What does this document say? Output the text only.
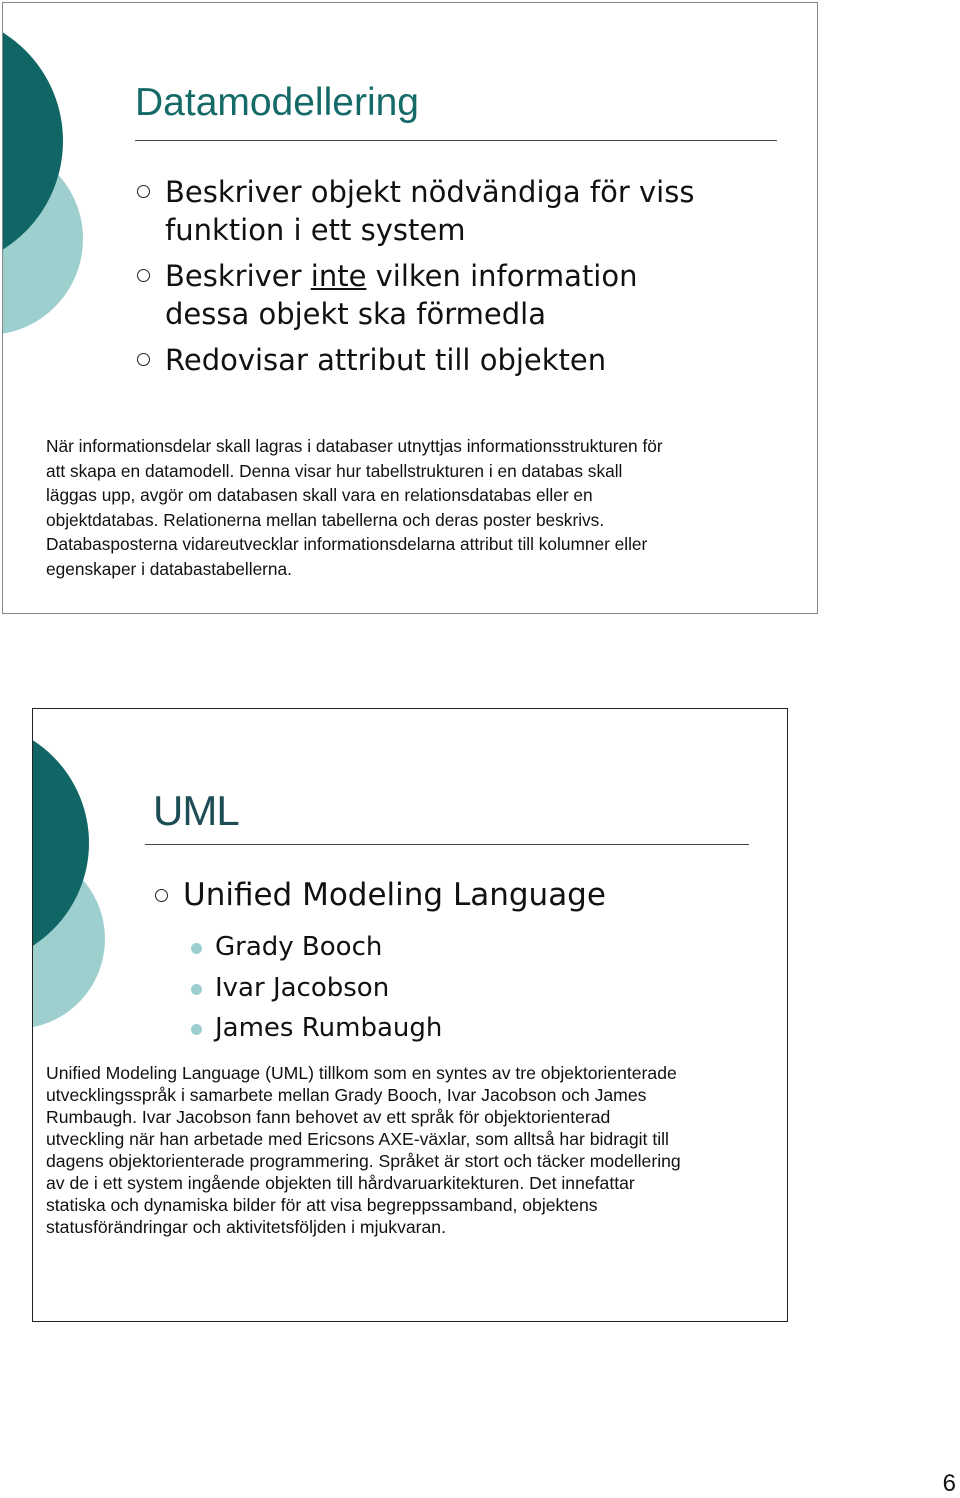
Datamodellering
Beskriver objekt nödvändiga för viss
funktion i ett system
Beskriver inte vilken information
dessa objekt ska förmedla
Redovisar attribut till objekten

När informationsdelar skall lagras i databaser utnyttjas informationsstrukturen för
att skapa en datamodell. Denna visar hur tabellstrukturen i en databas skall
läggas upp, avgör om databasen skall vara en relationsdatabas eller en
objektdatabas. Relationerna mellan tabellerna och deras poster beskrivs.
Databasposterna vidareutvecklar informationsdelarna attribut till kolumner eller
egenskaper i databastabellerna.

UML
Unified Modeling Language
Grady Booch
Ivar Jacobson
James Rumbaugh

Unified Modeling Language (UML) tillkom som en syntes av tre objektorienterade
utvecklingsspråk i samarbete mellan Grady Booch, Ivar Jacobson och James
Rumbaugh. Ivar Jacobson fann behovet av ett språk för objektorienterad
utveckling när han arbetade med Ericsons AXE-växlar, som alltså har bidragit till
dagens objektorienterade programmering. Språket är stort och täcker modellering
av de i ett system ingående objekten till hårdvaruarkitekturen. Det innefattar
statiska och dynamiska bilder för att visa begreppssamband, objektens
statusförändringar och aktivitetsföljden i mjukvaran.

6
